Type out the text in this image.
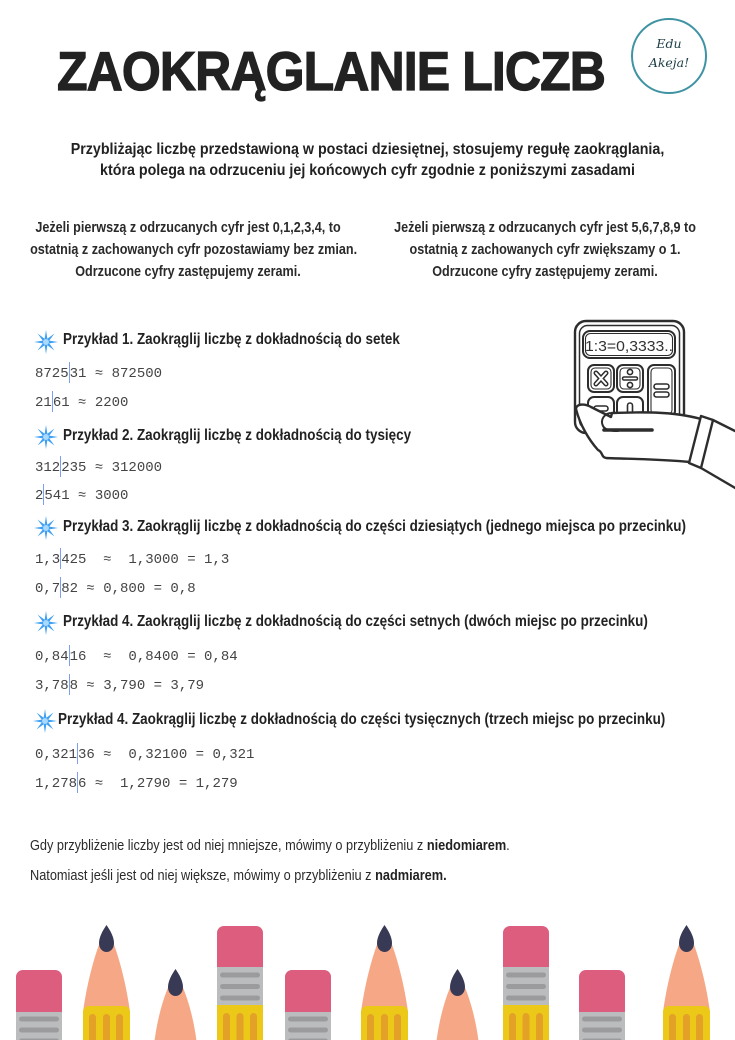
ZAOKRĄGLANIE LICZB	Edu
Akeja!
Przybliżając liczbę przedstawioną w postaci dziesiętnej, stosujemy regułę zaokrąglania,
która polega na odrzuceniu jej końcowych cyfr zgodnie z poniższymi zasadami
Jeżeli pierwszą z odrzucanych cyfr jest 0,1,2,3,4, to
ostatnią z zachowanych cyfr pozostawiamy bez zmian.
Odrzucone cyfry zastępujemy zerami.
Jeżeli pierwszą z odrzucanych cyfr jest 5,6,7,8,9 to
ostatnią z zachowanych cyfr zwiększamy o 1.
Odrzucone cyfry zastępujemy zerami.
1:3=0,3333..
Przykład 1. Zaokrąglij liczbę z dokładnością do setek
872531 ≈ 872500
2161 ≈ 2200
Przykład 2. Zaokrąglij liczbę z dokładnością do tysięcy
312235 ≈ 312000
2541 ≈ 3000
Przykład 3. Zaokrąglij liczbę z dokładnością do części dziesiątych (jednego miejsca po przecinku)
1,3425  ≈  1,3000 = 1,3
0,782 ≈ 0,800 = 0,8
Przykład 4. Zaokrąglij liczbę z dokładnością do części setnych (dwóch miejsc po przecinku)
0,8416  ≈  0,8400 = 0,84
3,788 ≈ 3,790 = 3,79
Przykład 4. Zaokrąglij liczbę z dokładnością do części tysięcznych (trzech miejsc po przecinku)
0,32136 ≈  0,32100 = 0,321
1,2786 ≈  1,2790 = 1,279
Gdy przybliżenie liczby jest od niej mniejsze, mówimy o przybliżeniu z niedomiarem.
Natomiast jeśli jest od niej większe, mówimy o przybliżeniu z nadmiarem.
